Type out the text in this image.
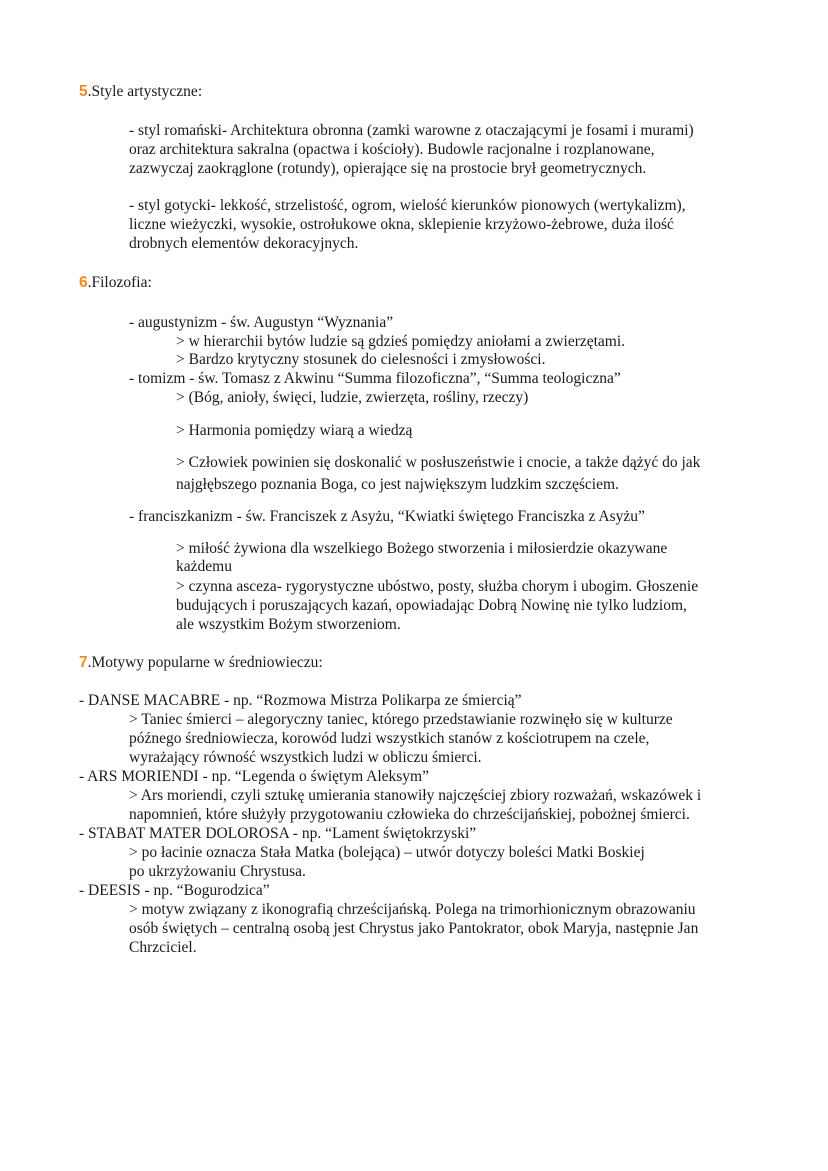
5.Style artystyczne:
- styl romański- Architektura obronna (zamki warowne z otaczającymi je fosami i murami)
oraz architektura sakralna (opactwa i kościoły). Budowle racjonalne i rozplanowane,
zazwyczaj zaokrąglone (rotundy), opierające się na prostocie brył geometrycznych.
- styl gotycki- lekkość, strzelistość, ogrom, wielość kierunków pionowych (wertykalizm),
liczne wieżyczki, wysokie, ostrołukowe okna, sklepienie krzyżowo-żebrowe, duża ilość
drobnych elementów dekoracyjnych.
6.Filozofia:
- augustynizm - św. Augustyn “Wyznania”
> w hierarchii bytów ludzie są gdzieś pomiędzy aniołami a zwierzętami.
> Bardzo krytyczny stosunek do cielesności i zmysłowości.
- tomizm - św. Tomasz z Akwinu “Summa filozoficzna”, “Summa teologiczna”
> (Bóg, anioły, święci, ludzie, zwierzęta, rośliny, rzeczy)
> Harmonia pomiędzy wiarą a wiedzą
> Człowiek powinien się doskonalić w posłuszeństwie i cnocie, a także dążyć do jak
najgłębszego poznania Boga, co jest największym ludzkim szczęściem.
- franciszkanizm - św. Franciszek z Asyżu, “Kwiatki świętego Franciszka z Asyżu”
> miłość żywiona dla wszelkiego Bożego stworzenia i miłosierdzie okazywane
każdemu
> czynna asceza- rygorystyczne ubóstwo, posty, służba chorym i ubogim. Głoszenie
budujących i poruszających kazań, opowiadając Dobrą Nowinę nie tylko ludziom,
ale wszystkim Bożym stworzeniom.
7.Motywy popularne w średniowieczu:
- DANSE MACABRE - np. “Rozmowa Mistrza Polikarpa ze śmiercią”
> Taniec śmierci – alegoryczny taniec, którego przedstawianie rozwinęło się w kulturze
późnego średniowiecza, korowód ludzi wszystkich stanów z kościotrupem na czele,
wyrażający równość wszystkich ludzi w obliczu śmierci.
- ARS MORIENDI - np. “Legenda o świętym Aleksym”
> Ars moriendi, czyli sztukę umierania stanowiły najczęściej zbiory rozważań, wskazówek i
napomnień, które służyły przygotowaniu człowieka do chrześcijańskiej, pobożnej śmierci.
- STABAT MATER DOLOROSA - np. “Lament świętokrzyski”
> po łacinie oznacza Stała Matka (bolejąca) – utwór dotyczy boleści Matki Boskiej
po ukrzyżowaniu Chrystusa.
- DEESIS - np. “Bogurodzica”
> motyw związany z ikonografią chrześcijańską. Polega na trimorhionicznym obrazowaniu
osób świętych – centralną osobą jest Chrystus jako Pantokrator, obok Maryja, następnie Jan
Chrzciciel.
